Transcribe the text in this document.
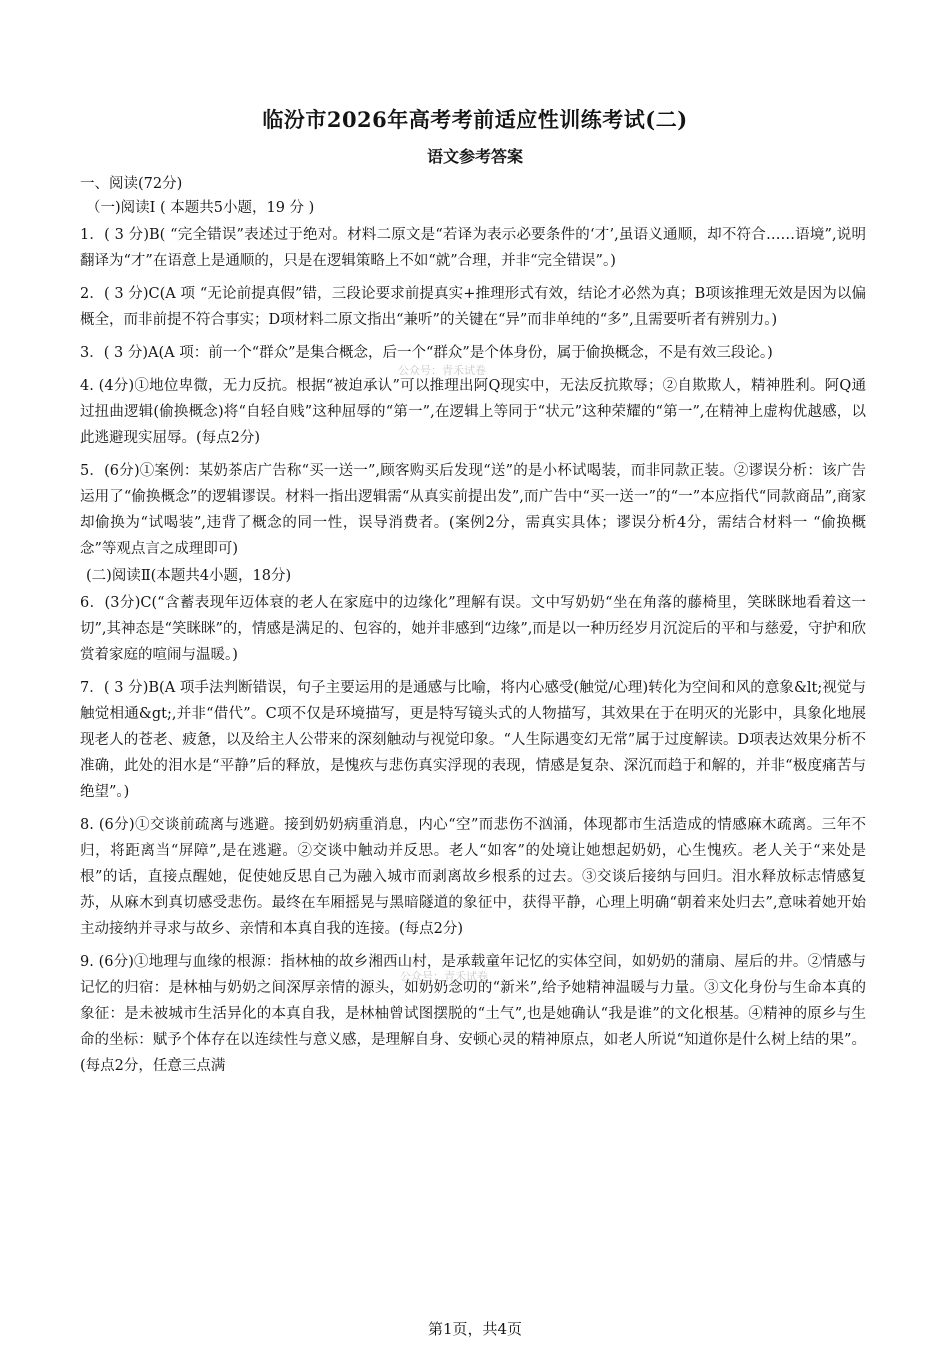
临汾市2026年高考考前适应性训练考试(二)
语文参考答案

一、阅读(72分)

（一)阅读I ( 本题共5小题，19 分 )

1．( 3 分)B( “完全错误”表述过于绝对。材料二原文是“若译为表示必要条件的‘才’,虽语义通顺，却不符合……语境”,说明翻译为“才”在语意上是通顺的，只是在逻辑策略上不如“就”合理，并非“完全错误”。)

2．( 3 分)C(A 项 “无论前提真假”错，三段论要求前提真实+推理形式有效，结论才必然为真；B项该推理无效是因为以偏概全，而非前提不符合事实；D项材料二原文指出“兼听”的关键在“异”而非单纯的“多”,且需要听者有辨别力。)

3．( 3 分)A(A 项：前一个“群众”是集合概念，后一个“群众”是个体身份，属于偷换概念，不是有效三段论。)

4. (4分)①地位卑微，无力反抗。根据“被迫承认”可以推理出阿Q现实中，无法反抗欺辱；②自欺欺人，精神胜利。阿Q通过扭曲逻辑(偷换概念)将“自轻自贱”这种屈辱的“第一”,在逻辑上等同于“状元”这种荣耀的“第一”,在精神上虚构优越感，以此逃避现实屈辱。(每点2分)

5．(6分)①案例：某奶茶店广告称“买一送一”,顾客购买后发现“送”的是小杯试喝装，而非同款正装。②谬误分析：该广告运用了“偷换概念”的逻辑谬误。材料一指出逻辑需“从真实前提出发”,而广告中“买一送一”的“一”本应指代“同款商品”,商家却偷换为“试喝装”,违背了概念的同一性，误导消费者。(案例2分，需真实具体；谬误分析4分，需结合材料一 “偷换概念”等观点言之成理即可)

(二)阅读Ⅱ(本题共4小题，18分)

6．(3分)C(“含蓄表现年迈体衰的老人在家庭中的边缘化”理解有误。文中写奶奶“坐在角落的藤椅里，笑眯眯地看着这一切”,其神态是“笑眯眯”的，情感是满足的、包容的，她并非感到“边缘”,而是以一种历经岁月沉淀后的平和与慈爱，守护和欣赏着家庭的喧闹与温暖。)

7．( 3 分)B(A 项手法判断错误，句子主要运用的是通感与比喻，将内心感受(触觉/心理)转化为空间和风的意象&lt;视觉与触觉相通&gt;,并非“借代”。C项不仅是环境描写，更是特写镜头式的人物描写，其效果在于在明灭的光影中，具象化地展现老人的苍老、疲惫，以及给主人公带来的深刻触动与视觉印象。“人生际遇变幻无常”属于过度解读。D项表达效果分析不准确，此处的泪水是“平静”后的释放，是愧疚与悲伤真实浮现的表现，情感是复杂、深沉而趋于和解的，并非“极度痛苦与绝望”。)

8. (6分)①交谈前疏离与逃避。接到奶奶病重消息，内心“空”而悲伤不汹涌，体现都市生活造成的情感麻木疏离。三年不归，将距离当“屏障”,是在逃避。②交谈中触动并反思。老人“如客”的处境让她想起奶奶，心生愧疚。老人关于“来处是根”的话，直接点醒她，促使她反思自己为融入城市而剥离故乡根系的过去。③交谈后接纳与回归。泪水释放标志情感复苏，从麻木到真切感受悲伤。最终在车厢摇晃与黑暗隧道的象征中，获得平静，心理上明确“朝着来处归去”,意味着她开始主动接纳并寻求与故乡、亲情和本真自我的连接。(每点2分)

9. (6分)①地理与血缘的根源：指林柚的故乡湘西山村，是承载童年记忆的实体空间，如奶奶的蒲扇、屋后的井。②情感与记忆的归宿：是林柚与奶奶之间深厚亲情的源头，如奶奶念叨的“新米”,给予她精神温暖与力量。③文化身份与生命本真的象征：是未被城市生活异化的本真自我，是林柚曾试图摆脱的“土气”,也是她确认“我是谁”的文化根基。④精神的原乡与生命的坐标：赋予个体存在以连续性与意义感，是理解自身、安顿心灵的精神原点，如老人所说“知道你是什么树上结的果”。(每点2分，任意三点满

公众号：青禾试卷
公众号：青禾试卷
第1页，共4页
